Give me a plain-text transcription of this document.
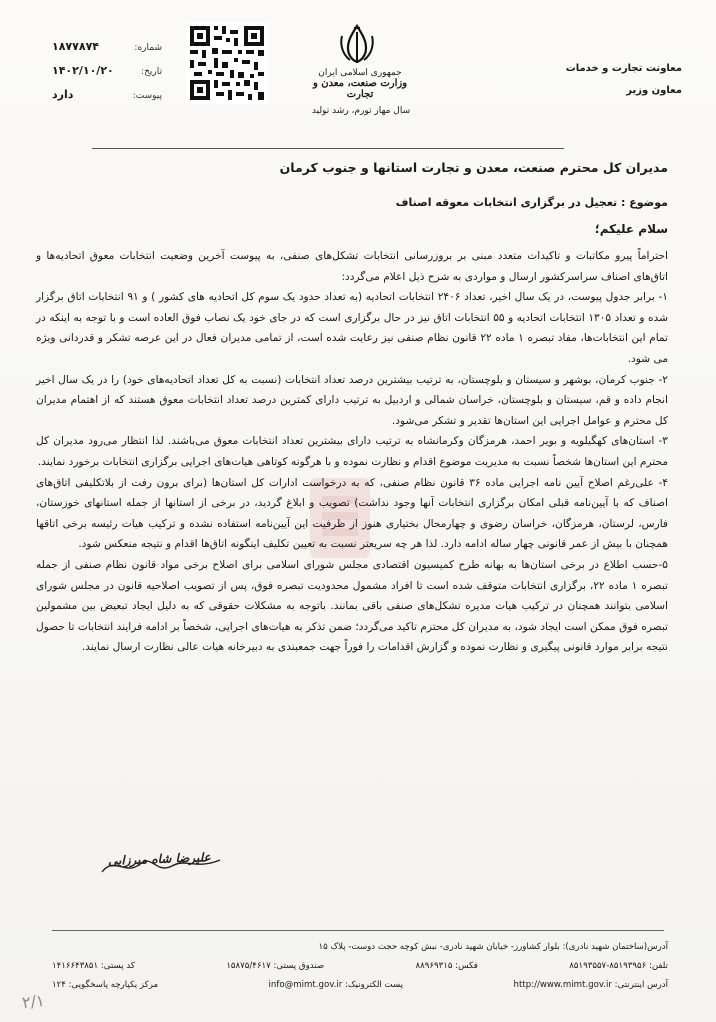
معاونت تجارت و خدمات
معاون وزیر
جمهوری اسلامی ایران
وزارت صنعت، معدن و تجارت
سال مهار تورم، رشد تولید
شماره:
۱۸۷۷۸۷۴
تاریخ:
۱۴۰۲/۱۰/۲۰
پیوست:
دارد
مدیران کل محترم صنعت، معدن و تجارت استانها و جنوب کرمان
موضوع : تعجیل در برگزاری انتخابات معوقه اصناف
سلام علیکم؛

احتراماً پیرو مکاتبات و تاکیدات متعدد مبنی بر بروزرسانی انتخابات تشکل‌های صنفی، به پیوست آخرین وضعیت انتخابات معوق اتحادیه‌ها و اتاق‌های اصناف سراسرکشور ارسال و مواردی به شرح ذیل اعلام می‌گردد:

۱- برابر جدول پیوست، در یک سال اخیر، تعداد ۲۴۰۶ انتخابات اتحادیه (به تعداد حدود یک سوم کل اتحادیه های کشور ) و ۹۱ انتخابات اتاق برگزار شده و تعداد ۱۳۰۵ انتخابات اتحادیه و ۵۵ انتخابات اتاق نیز در حال برگزاری است که در جای خود یک نصاب فوق العاده است و با توجه به اینکه در تمام این انتخابات‌ها، مفاد تبصره ۱ ماده ۲۲ قانون نظام صنفی نیز رعایت شده است، از تمامی مدیران فعال در این عرصه تشکر و قدردانی ویژه می شود.

۲- جنوب کرمان، بوشهر و سیستان و بلوچستان، به ترتیب بیشترین درصد تعداد انتخابات (نسبت به کل تعداد اتحادیه‌های خود) را در یک سال اخیر انجام داده و قم، سیستان و بلوچستان، خراسان شمالی و اردبیل به ترتیب دارای کمترین درصد تعداد انتخابات معوق هستند که از اهتمام مدیران کل محترم و عوامل اجرایی این استان‌ها تقدیر و تشکر می‌شود.

۳- استان‌های کهگیلویه و بویر احمد، هرمزگان وکرمانشاه به ترتیب دارای بیشترین تعداد انتخابات معوق می‌باشند. لذا انتظار می‌رود مدیران کل محترم این استان‌ها شخصاً نسبت به مدیریت موضوع اقدام و نظارت نموده و با هرگونه کوتاهی هیات‌های اجرایی برگزاری انتخابات برخورد نمایند.

۴- علی‌رغم اصلاح آیین نامه اجرایی ماده ۳۶ قانون نظام صنفی، که به درخواست ادارات کل استان‌ها (برای برون رفت از بلاتکلیفی اتاق‌های اصناف که با آیین‌نامه قبلی امکان برگزاری انتخابات آنها وجود نداشت) تصویب و ابلاغ گردید، در برخی از استانها از جمله استانهای خوزستان، فارس، لرستان، هرمزگان، خراسان رضوی و چهارمحال بختیاری هنوز از ظرفیت این آیین‌نامه استفاده نشده و ترکیب هیات رئیسه برخی اتاقها همچنان با بیش از عمر قانونی چهار ساله ادامه دارد. لذا هر چه سریعتر نسبت به تعیین تکلیف اینگونه اتاق‌ها اقدام و نتیجه منعکس شود.

۵-حسب اطلاع در برخی استان‌ها به بهانه طرح کمیسیون اقتصادی مجلس شورای اسلامی برای اصلاح برخی مواد قانون نظام صنفی از جمله تبصره ۱ ماده ۲۲، برگزاری انتخابات متوقف شده است تا افراد مشمول محدودیت تبصره فوق، پس از تصویب اصلاحیه قانون در مجلس شورای اسلامی بتوانند همچنان در ترکیب هیات مدیره تشکل‌های صنفی باقی بمانند. باتوجه به مشکلات حقوقی که به دلیل ایجاد تبعیض بین مشمولین تبصره فوق ممکن است ایجاد شود، به مدیران کل محترم تاکید می‌گردد؛ ضمن تذکر به هیات‌های اجرایی، شخصاً بر ادامه فرایند انتخابات تا حصول نتیجه برابر موارد قانونی پیگیری و نظارت نموده و گزارش اقدامات را فوراً جهت جمعبندی به دبیرخانه هیات عالی نظارت ارسال نمایند.

علیرضا شاه میرزایی
آدرس(ساختمان شهید نادری): بلوار کشاورز- خیابان شهید نادری- نبش کوچه حجت دوست- پلاک ۱۵
تلفن: ۸۵۱۹۳۹۵۶-۸۵۱۹۳۵۵۷
فکس: ۸۸۹۶۹۳۱۵
صندوق پستی: ۱۵۸۷۵/۴۶۱۷
کد پستی: ۱۴۱۶۶۴۳۸۵۱
آدرس اینترنتی: http://www.mimt.gov.ir
پست الکترونیک: info@mimt.gov.ir
مرکز یکپارچه پاسخگویی: ۱۲۴
۲/۱
